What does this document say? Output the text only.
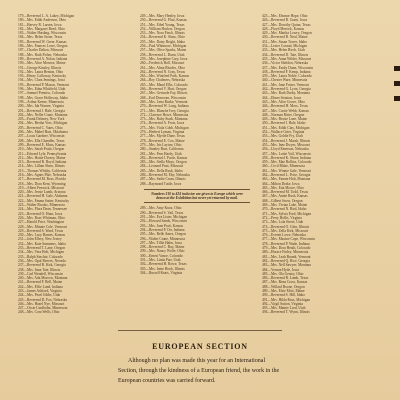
179—Reverend L. A. Lakey, Michigan

180—Mrs. Edith Anderson, Ohio

181—Harvey R. Larsen, Iowa

182—Mrs. Margaret Reed, Ohio

183—Walter Harding, Wisconsin

184—Mrs. Helen Stone, Texas

185—Reverend W. Greer, Kansas

186—Mrs. Frances Lowe, Oregon

187—Charles Dalton, Missouri

188—Mrs. Ruth Fisher, Nebraska

189—Reverend A. Nolan, Indiana

190—Mrs. Alice Monroe, Maine

191—George Kinsley, Illinois

192—Mrs. Laura Benton, Ohio

193—Henry Calloway, Kentucky

194—Mrs. Clara Jennings, Iowa

195—Reverend P. Mason, Vermont

196—Mrs. Edna Whitfield, Utah

197—Samuel Prentiss, Colorado

198—Mrs. Grace Holloway, Idaho

199—Arthur Keene, Minnesota

200—Mrs. Ida Warren, Virginia

201—Reverend J. Hale, Georgia

202—Mrs. Nellie Crane, Montana

203—Frank Delaney, New York

204—Mrs. Bertha Voss, Michigan

205—Reverend C. Yates, Ohio

206—Mrs. Mabel Hart, Oklahoma

207—Louis Gardner, Wisconsin

208—Mrs. Ella Chandler, Texas

209—Reverend E. Moss, Kansas

210—Mrs. Sarah Pruitt, Oregon

211—Edward Lyle, Pennsylvania

212—Mrs. Hattie Dorsey, Maine

213—Reverend R. Boyd, Indiana

214—Mrs. Lillian Shaw, Illinois

215—Thomas Whitby, California

216—Mrs. Agnes Pike, Nebraska

217—Reverend M. Ross, Florida

218—Mrs. Dora Kent, Wyoming

219—Albert Fenwick, Missouri

220—Mrs. Jessie Lamb, Arizona

221—Reverend H. Gale, Alabama

222—Mrs. Emma Sutter, Kentucky

223—Walter Brooks, Minnesota

224—Mrs. Flora Dean, Tennessee

225—Reverend O. Hunt, Iowa

226—Mrs. Rose Whitman, Ohio

227—Harold Price, Washington

228—Mrs. Minnie Cole, Vermont

229—Reverend S. Ward, Texas

230—Mrs. Lucy Barnes, Kansas

231—John Ellery, New Jersey

232—Mrs. Kate Summers, Idaho

233—Reverend T. Lane, Oregon

234—Mrs. Vera Holt, Michigan

235—Ralph Sinclair, Colorado

236—Mrs. Opal Reeves, Nevada

237—Reverend B. Kirk, Georgia

238—Mrs. Irma Tate, Illinois

239—Carl Wendell, Wisconsin

240—Mrs. Ada Morrow, Montana

241—Reverend F. Bell, Maine

242—Mrs. Effie Lund, Indiana

243—James Ashford, Virginia

244—Mrs. Pearl Gibbs, Utah

245—Reverend D. Fox, Nebraska

246—Mrs. Hazel Nye, Missouri

247—Oscar Lindholm, Minnesota

248—Mrs. Cora Wells, Ohio

249—Mrs. Mary Henley, Iowa

250—Reverend G. Platt, Kansas

251—Mrs. Ethel Young, Texas

252—William Harlow, Oregon

253—Mrs. Nora Finch, Illinois

254—Reverend K. Shaw, Ohio

255—Mrs. Daisy Bright, Idaho

256—Paul Whitmore, Michigan

257—Mrs. Olive Sparks, Maine

258—Reverend L. Dunn, Utah

259—Mrs. Josephine Cary, Iowa

260—Frederick Hall, Missouri

261—Mrs. Alma Rhodes, Ohio

262—Reverend N. Gray, Texas

263—Mrs. Winifred Park, Kansas

264—Roy Chalmers, Nebraska

265—Mrs. Maud Ellis, Colorado

266—Reverend V. Hart, Oregon

267—Mrs. Gertrude Fay, Illinois

268—Earl Donovan, Wisconsin

269—Mrs. Lena Burke, Vermont

270—Reverend W. Long, Indiana

271—Mrs. Blanche Ivey, Georgia

272—Clarence Howe, Minnesota

273—Mrs. Ruby Stark, Montana

274—Reverend A. Frost, Iowa

275—Mrs. Viola Cobb, Michigan

276—Herbert Lyman, Virginia

277—Mrs. Myrtle Dane, Texas

278—Reverend E. Cox, Maine

279—Mrs. Iris Layton, Ohio

280—Stanley Burr, California

281—Mrs. Fern Hardy, Utah

282—Reverend J. Poole, Kansas

283—Mrs. Stella Mayo, Oregon

284—Leonard Pratt, Missouri

285—Mrs. Della Rusk, Idaho

286—Reverend M. Eby, Nebraska

287—Mrs. Sadie Crum, Illinois

288—Raymond Tuttle, Iowa

Numbers 310 to 424 inclusive are given to Europe which were drawn at the Exhibition but never yet returned by mail.

289—Mrs. Amy Knox, Ohio

290—Reverend S. Vail, Texas

291—Mrs. Eva Lister, Michigan

292—Howard Sands, Wisconsin

293—Mrs. June Pratt, Kansas

294—Reverend P. Orr, Indiana

295—Mrs. Belle Ames, Oregon

296—Walter Crane, Minnesota

297—Mrs. Tillie Hahn, Iowa

298—Reverend C. Ray, Maine

299—Mrs. Nancy Wolfe, Ohio

300—Ernest Vance, Colorado

301—Mrs. Linda Parr, Utah

302—Reverend H. Rowe, Texas

303—Mrs. Irene Hook, Illinois

304—Russell Keats, Virginia

425—Mrs. Eleanor Hope, Ohio

426—Reverend R. Grant, Iowa

427—Mrs. Dorothy Quinn, Texas

428—Floyd Merrick, Kansas

429—Mrs. Martha Lowry, Oregon

430—Reverend B. Neal, Maine

431—Mrs. Susan Tower, Idaho

432—Lester Conrad, Michigan

433—Mrs. Helen Birch, Utah

434—Reverend D. Tate, Illinois

435—Mrs. Anna Wilder, Missouri

436—Victor Sheldon, Nebraska

437—Mrs. Emily Dunn, Wisconsin

438—Reverend F. Kemp, Indiana

439—Mrs. Laura Noble, Colorado

440—Chester Ware, Minnesota

441—Mrs. Jane Foster, Vermont

442—Reverend G. Lyon, Georgia

443—Mrs. Ruth Darby, Montana

444—Elmer Stratton, Iowa

445—Mrs. Alice Grove, Ohio

446—Reverend H. Moss, Texas

447—Mrs. Carrie Webb, Kansas

448—Norman Ritter, Oregon

449—Mrs. Bessie Lane, Maine

450—Reverend I. Hale, Idaho

451—Mrs. Edith Clay, Michigan

452—Wallace Grier, Virginia

453—Mrs. Goldie Fry, Utah

454—Reverend J. Marsh, Illinois

455—Mrs. Inez Dwyer, Missouri

456—Lloyd Emerson, Nebraska

457—Mrs. Lottie Vail, Wisconsin

458—Reverend K. Shore, Indiana

459—Mrs. Mae Rollins, Colorado

460—Cecil Blake, Minnesota

461—Mrs. Winnie Gale, Vermont

462—Reverend L. Price, Georgia

463—Mrs. Fannie Holt, Montana

464—Milton Drake, Iowa

465—Mrs. Etta Moore, Ohio

466—Reverend M. Todd, Texas

467—Mrs. Annie Rush, Kansas

468—Gilbert Snow, Oregon

469—Mrs. Vivian Lake, Maine

470—Reverend N. Bird, Idaho

471—Mrs. Sylvia Ford, Michigan

472—Perry Hollis, Virginia

473—Mrs. Lola Street, Utah

474—Reverend O. Glen, Illinois

475—Mrs. Zella Kirk, Missouri

476—Everett Lowe, Nebraska

477—Mrs. Maxine Cope, Wisconsin

478—Reverend P. Wade, Indiana

479—Mrs. Dora Heath, Colorado

480—Horace Finley, Minnesota

481—Mrs. Leah Brandt, Vermont

482—Reverend Q. Rice, Georgia

483—Mrs. Nell Sawyer, Montana

484—Vernon Hyde, Iowa

485—Mrs. Ola Gentry, Ohio

486—Reverend R. Lamb, Texas

487—Mrs. Rena Cross, Kansas

488—Willard Boone, Oregon

489—Mrs. Elsie Mott, Maine

490—Reverend S. Hill, Idaho

491—Mrs. Hilda Ross, Michigan

492—Virgil Sutton, Virginia

493—Mrs. Mamie Lord, Utah

494—Reverend T. Wynn, Illinois

EUROPEAN SECTION

Although no plan was made this year for an International Section, through the kindness of a European friend, the work in the European countries was carried forward.
